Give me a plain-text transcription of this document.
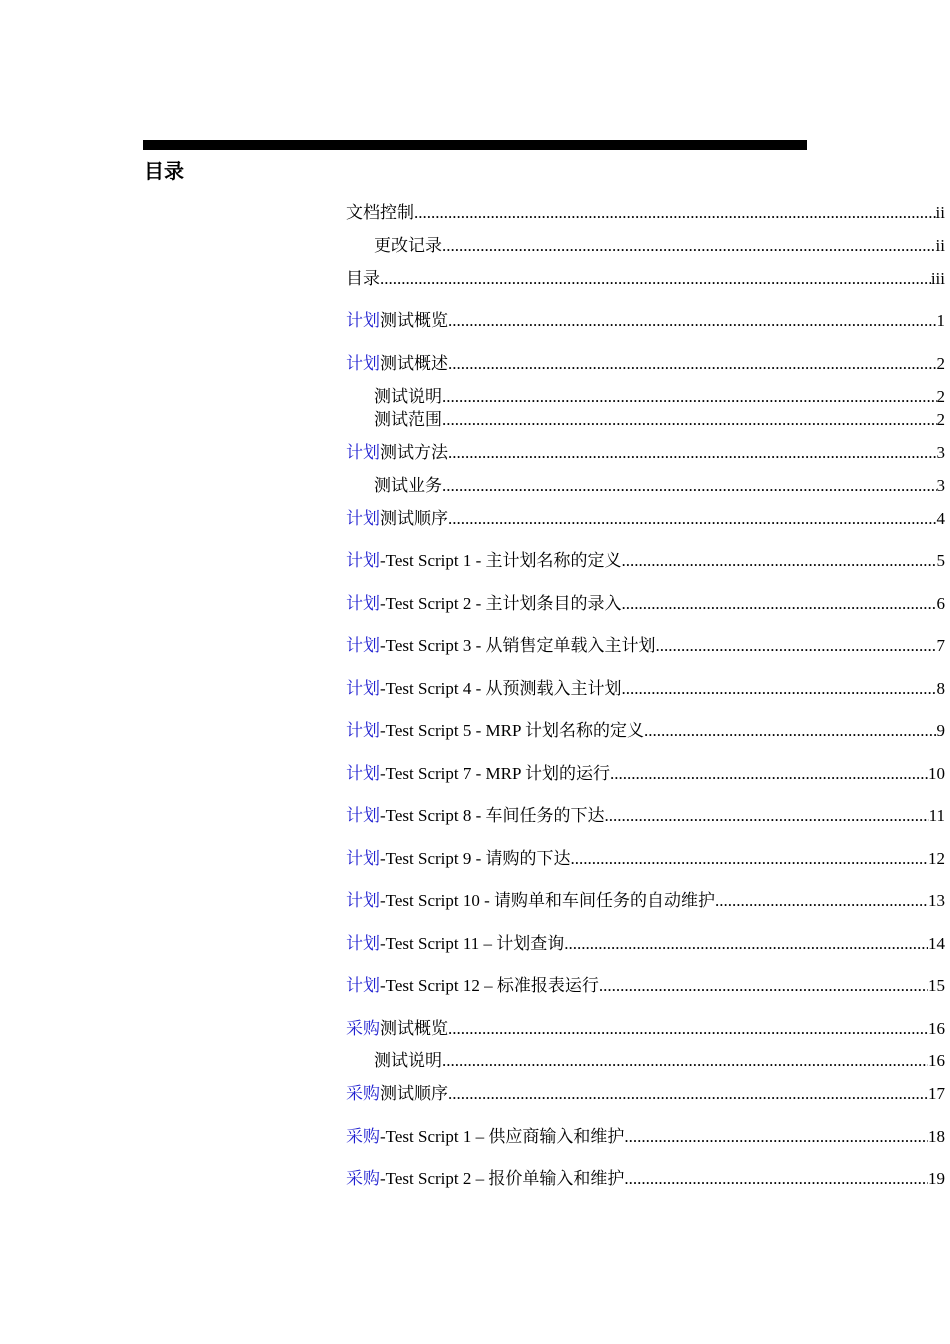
目录
文档控制 .....	ii
更改记录 .....	ii
目录 .....	iii
计划测试概览 .....	1
计划测试概述 .....	2
测试说明 .....	2
测试范围 .....	2
计划测试方法 .....	3
测试业务 .....	3
计划测试顺序 .....	4
计划-Test Script 1 - 主计划名称的定义 .....	5
计划-Test Script 2 - 主计划条目的录入 .....	6
计划-Test Script 3 - 从销售定单载入主计划 .....	7
计划-Test Script 4 - 从预测载入主计划 .....	8
计划-Test Script 5 - MRP 计划名称的定义 .....	9
计划-Test Script 7 - MRP 计划的运行 .....	10
计划-Test Script 8 - 车间任务的下达 .....	11
计划-Test Script 9 - 请购的下达 .....	12
计划-Test Script 10 - 请购单和车间任务的自动维护 .....	13
计划-Test Script 11 – 计划查询 .....	14
计划-Test Script 12 – 标准报表运行 .....	15
采购测试概览 .....	16
测试说明 .....	16
采购测试顺序 .....	17
采购-Test Script 1 – 供应商输入和维护 .....	18
采购-Test Script 2 – 报价单输入和维护 .....	19
